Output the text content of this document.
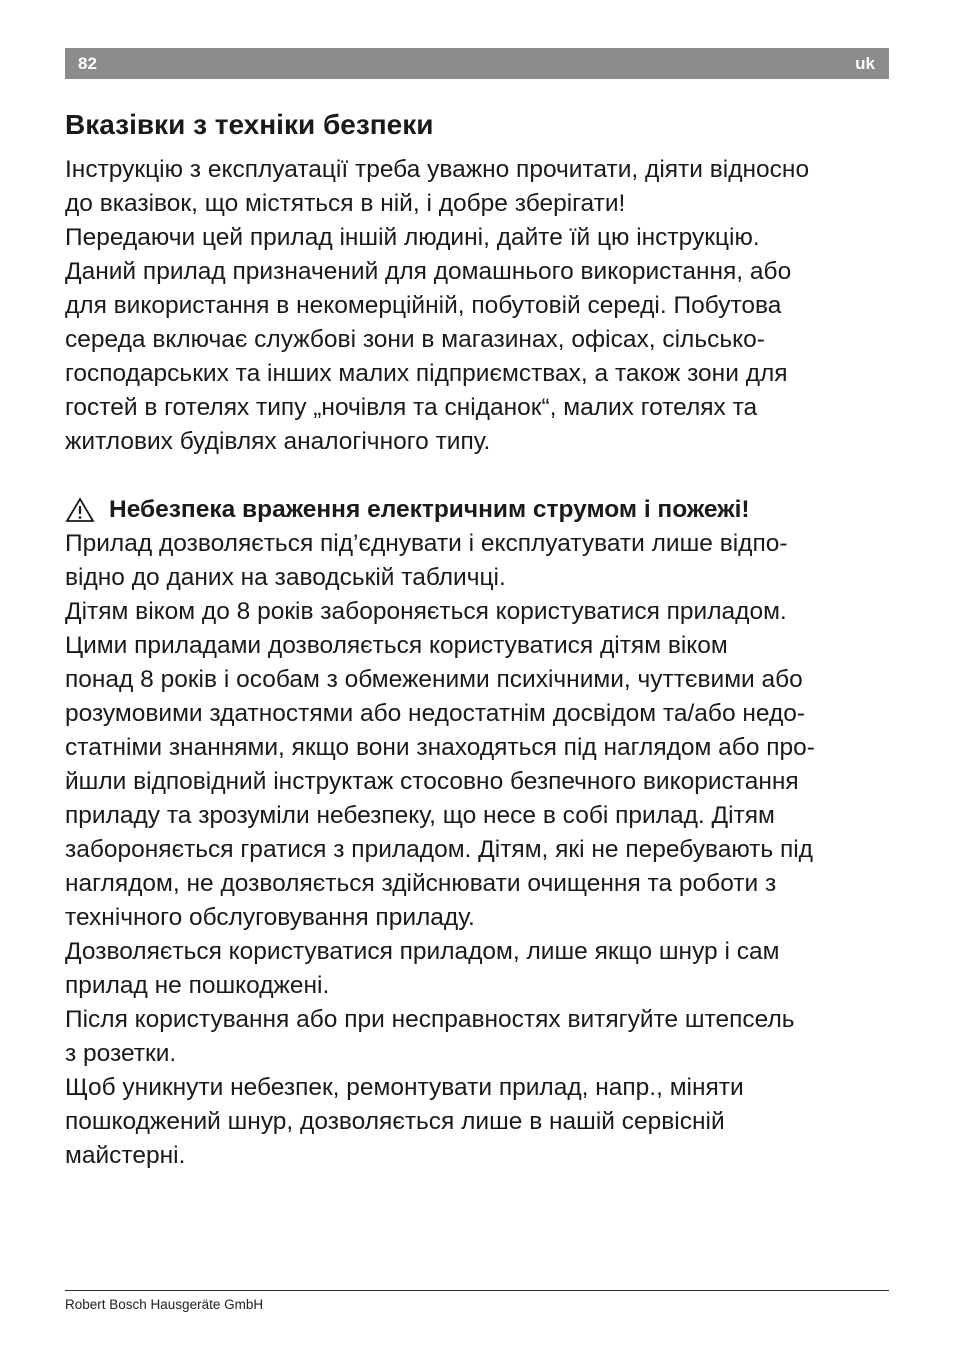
82	uk
Вказівки з техніки безпеки

Інструкцію з експлуатації треба уважно прочитати, діяти відносно

до вказівок, що містяться в ній, і добре зберігати!

Передаючи цей прилад іншій людині, дайте їй цю інструкцію.

Даний прилад призначений для домашнього використання, або

для використання в некомерційній, побутовій середі. Побутова

середа включає службові зони в магазинах, офісах, сільсько-

господарських та інших малих підприємствах, а також зони для

гостей в готелях типу „ночівля та сніданок“, малих готелях та

житлових будівлях аналогічного типу.

Небезпека враження електричним струмом і пожежі!

Прилад дозволяється під’єднувати і експлуатувати лише відпо-

відно до даних на заводській табличці.

Дітям віком до 8 років забороняється користуватися приладом.

Цими приладами дозволяється користуватися дітям віком

понад 8 років і особам з обмеженими психічними, чуттєвими або

розумовими здатностями або недостатнім досвідом та/або недо-

статніми знаннями, якщо вони знаходяться під наглядом або про-

йшли відповідний інструктаж стосовно безпечного використання

приладу та зрозуміли небезпеку, що несе в собі прилад. Дітям

забороняється гратися з приладом. Дітям, які не перебувають під

наглядом, не дозволяється здійснювати очищення та роботи з

технічного обслуговування приладу.

Дозволяється користуватися приладом, лише якщо шнур і сам

прилад не пошкоджені.

Після користування або при несправностях витягуйте штепсель

з розетки.

Щоб уникнути небезпек, ремонтувати прилад, напр., міняти

пошкоджений шнур, дозволяється лише в нашій сервісній

майстерні.

Robert Bosch Hausgeräte GmbH
